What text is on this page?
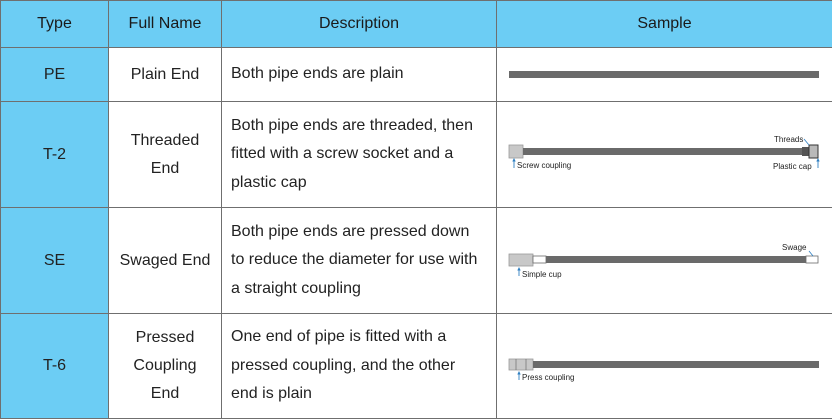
Type	Full Name	Description	Sample
PE	Plain End	Both pipe ends are plain	

T-2	Threaded End	Both pipe ends are threaded, then fitted with a screw socket and a plastic cap	Screw coupling
Threads
Plastic cap

SE	Swaged End	Both pipe ends are pressed down to reduce the diameter for use with a straight coupling	Swage
Simple cup

T-6	Pressed Coupling End	One end of pipe is fitted with a pressed coupling, and the other end is plain	Press coupling
